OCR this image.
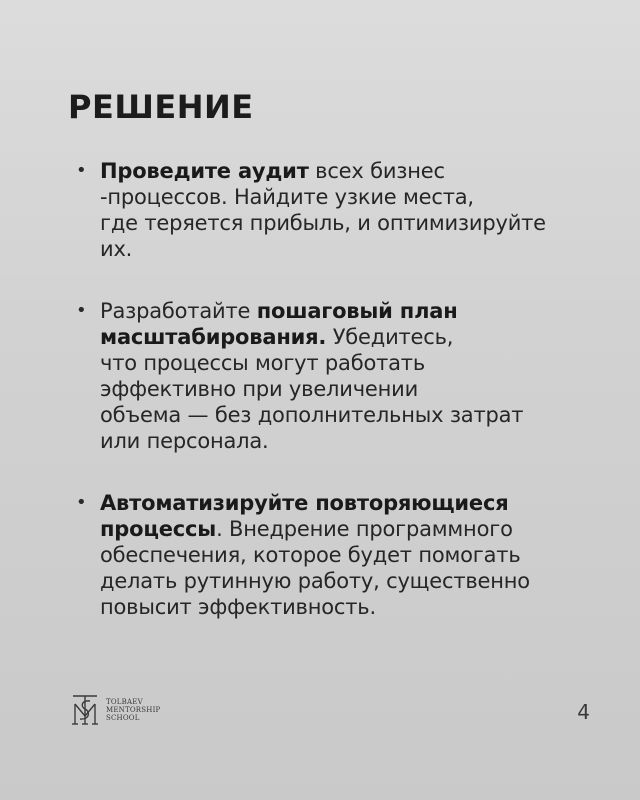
РЕШЕНИЕ
• Проведите аудит всех бизнес
-процессов. Найдите узкие места,
где теряется прибыль, и оптимизируйте
их.
• Разработайте пошаговый план
масштабирования. Убедитесь,
что процессы могут работать
эффективно при увеличении
объема — без дополнительных затрат
или персонала.
• Автоматизируйте повторяющиеся
процессы. Внедрение программного
обеспечения, которое будет помогать
делать рутинную работу, существенно
повысит эффективность.
TOLBAEV
MENTORSHIP
SCHOOL	4
